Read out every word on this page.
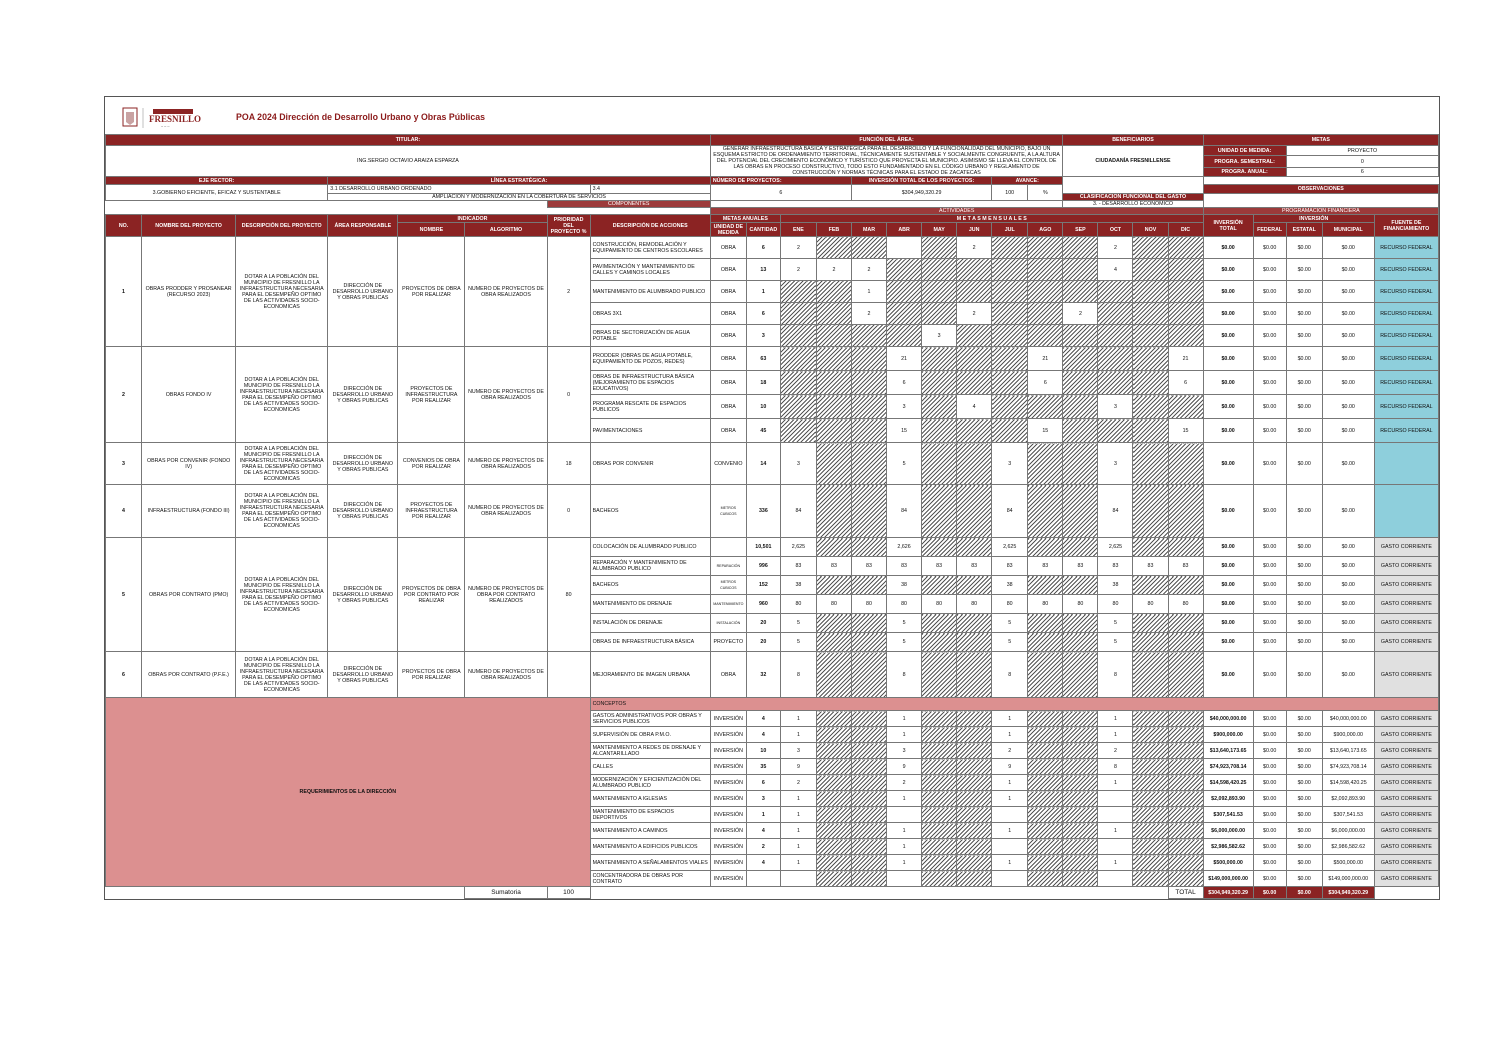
FRESNILLO
~ ~ ~
POA 2024 Dirección de Desarrollo Urbano y Obras Públicas
TITULAR:								FUNCIÓN DEL ÁREA:										BENEFICIARIOS				METAS				
ING.SERGIO OCTAVIO ARAIZA ESPARZA								GENERAR INFRAESTRUCTURA BÁSICA Y ESTRATÉGICA PARA EL DESARROLLO Y LA FUNCIONALIDAD DEL MUNICIPIO, BAJO UN ESQUEMA ESTRICTO DE ORDENAMIENTO TERRITORIAL, TÉCNICAMENTE SUSTENTABLE Y SOCIALMENTE CONGRUENTE, A LA ALTURA DEL POTENCIAL DEL CRECIMIENTO ECONÓMICO Y TURÍSTICO QUE PROYECTA EL MUNICIPIO. ASIMISMO SE LLEVA EL CONTROL DE LAS OBRAS EN PROCESO CONSTRUCTIVO, TODO ESTO FUNDAMENTADO EN EL CÓDIGO URBANO Y REGLAMENTO DE CONSTRUCCIÓN Y NORMAS TÉCNICAS PARA EL ESTADO DE ZACATECAS										CIUDADANÍA FRESNILLENSE				UNIDAD DE MEDIDA:		PROYECTO		
																						PROGRA. SEMESTRAL:		0		
																						PROGRA. ANUAL:		6		
EJE RECTOR:			LÍNEA ESTRATÉGICA:					NÚMERO DE PROYECTOS:				INVERSIÓN TOTAL DE LOS PROYECTOS:				AVANCE:										
3.GOBIERNO EFICIENTE, EFICAZ Y SUSTENTABLE			3.1 DESARROLLO URBANO ORDENADO				3.4	6				$304,949,320.29				100	%					OBSERVACIONES				
			AMPLIACIÓN Y MODERNIZACIÓN EN LA COBERTURA DE SERVICIOS															CLASIFICACIÓN FUNCIONAL DEL GASTO								
						COMPONENTES												3. - DESARROLLO ECONÓMICO								
								ACTIVIDADES														PROGRAMACIÓN FINANCIERA				
NO.	NOMBRE DEL PROYECTO	DESCRIPCIÓN DEL PROYECTO	ÁREA RESPONSABLE	INDICADOR		PRIORIDAD DEL PROYECTO %	DESCRIPCIÓN DE ACCIONES	METAS ANUALES		M E T A S M E N S U A L E S												INVERSIÓN TOTAL	INVERSIÓN			FUENTE DE FINANCIAMIENTO
				NOMBRE	ALGORITMO			UNIDAD DE MEDIDA	CANTIDAD	ENE	FEB	MAR	ABR	MAY	JUN	JUL	AGO	SEP	OCT	NOV	DIC		FEDERAL	ESTATAL	MUNICIPAL	
1	OBRAS PRODDER Y PROSANEAR (RECURSO 2023)	DOTAR A LA POBLACIÓN DEL MUNICIPIO DE FRESNILLO LA INFRAESTRUCTURA NECESARIA PARA EL DESEMPEÑO OPTIMO DE LAS ACTIVIDADES SOCIO-ECONOMICAS	DIRECCIÓN DE DESARROLLO URBANO Y OBRAS PUBLICAS	PROYECTOS DE OBRA POR REALIZAR	NUMERO DE PROYECTOS DE OBRA REALIZADOS	2	CONSTRUCCIÓN, REMODELACIÓN Y EQUIPAMIENTO DE CENTROS ESCOLARES	OBRA	6	2					2				2			$0.00	$0.00	$0.00	$0.00	RECURSO FEDERAL
							PAVIMENTACIÓN Y MANTENIMIENTO DE CALLES Y CAMINOS LOCALES	OBRA	13	2	2	2							4			$0.00	$0.00	$0.00	$0.00	RECURSO FEDERAL
							MANTENIMIENTO DE ALUMBRADO PUBLICO	OBRA	1			1										$0.00	$0.00	$0.00	$0.00	RECURSO FEDERAL
							OBRAS 3X1	OBRA	6			2			2			2				$0.00	$0.00	$0.00	$0.00	RECURSO FEDERAL
							OBRAS DE SECTORIZACIÓN DE AGUA POTABLE	OBRA	3					3								$0.00	$0.00	$0.00	$0.00	RECURSO FEDERAL
2	OBRAS FONDO IV	DOTAR A LA POBLACIÓN DEL MUNICIPIO DE FRESNILLO LA INFRAESTRUCTURA NECESARIA PARA EL DESEMPEÑO OPTIMO DE LAS ACTIVIDADES SOCIO-ECONOMICAS	DIRECCIÓN DE DESARROLLO URBANO Y OBRAS PUBLICAS	PROYECTOS DE INFRAESTRUCTURA POR REALIZAR	NUMERO DE PROYECTOS DE OBRA REALIZADOS	0	PRODDER (OBRAS DE AGUA POTABLE, EQUIPAMIENTO DE POZOS, REDES)	OBRA	63				21				21				21	$0.00	$0.00	$0.00	$0.00	RECURSO FEDERAL
							OBRAS DE INFRAESTRUCTURA BÁSICA (MEJORAMIENTO DE ESPACIOS EDUCATIVOS)	OBRA	18				6				6				6	$0.00	$0.00	$0.00	$0.00	RECURSO FEDERAL
							PROGRAMA RESCATE DE ESPACIOS PUBLICOS	OBRA	10				3		4				3			$0.00	$0.00	$0.00	$0.00	RECURSO FEDERAL
							PAVIMENTACIONES	OBRA	45				15				15				15	$0.00	$0.00	$0.00	$0.00	RECURSO FEDERAL
3	OBRAS POR CONVENIR (FONDO IV)	DOTAR A LA POBLACIÓN DEL MUNICIPIO DE FRESNILLO LA INFRAESTRUCTURA NECESARIA PARA EL DESEMPEÑO OPTIMO DE LAS ACTIVIDADES SOCIO-ECONOMICAS	DIRECCIÓN DE DESARROLLO URBANO Y OBRAS PUBLICAS	CONVENIOS DE OBRA POR REALIZAR	NUMERO DE PROYECTOS DE OBRA REALIZADOS	18	OBRAS POR CONVENIR	CONVENIO	14	3			5			3			3			$0.00	$0.00	$0.00	$0.00	
4	INFRAESTRUCTURA (FONDO III)	DOTAR A LA POBLACIÓN DEL MUNICIPIO DE FRESNILLO LA INFRAESTRUCTURA NECESARIA PARA EL DESEMPEÑO OPTIMO DE LAS ACTIVIDADES SOCIO-ECONOMICAS	DIRECCIÓN DE DESARROLLO URBANO Y OBRAS PUBLICAS	PROYECTOS DE INFRAESTRUCTURA POR REALIZAR	NUMERO DE PROYECTOS DE OBRA REALIZADOS	0	BACHEOS	METROS CUBICOS	336	84			84			84			84			$0.00	$0.00	$0.00	$0.00	
5	OBRAS POR CONTRATO (PMO)	DOTAR A LA POBLACIÓN DEL MUNICIPIO DE FRESNILLO LA INFRAESTRUCTURA NECESARIA PARA EL DESEMPEÑO OPTIMO DE LAS ACTIVIDADES SOCIO-ECONOMICAS	DIRECCIÓN DE DESARROLLO URBANO Y OBRAS PUBLICAS	PROYECTOS DE OBRA POR CONTRATO POR REALIZAR	NUMERO DE PROYECTOS DE OBRA POR CONTRATO REALIZADOS	80	COLOCACIÓN DE ALUMBRADO PUBLICO		10,501	2,625			2,626			2,625			2,625			$0.00	$0.00	$0.00	$0.00	GASTO CORRIENTE
							REPARACIÓN Y MANTENIMIENTO DE ALUMBRADO PUBLICO	REPARACIÓN	996	83	83	83	83	83	83	83	83	83	83	83	83	$0.00	$0.00	$0.00	$0.00	GASTO CORRIENTE
							BACHEOS	METROS CUBICOS	152	38			38			38			38			$0.00	$0.00	$0.00	$0.00	GASTO CORRIENTE
							MANTENIMIENTO DE DRENAJE	MANTENIMIENTO	960	80	80	80	80	80	80	80	80	80	80	80	80	$0.00	$0.00	$0.00	$0.00	GASTO CORRIENTE
							INSTALACIÓN DE DRENAJE	INSTALACIÓN	20	5			5			5			5			$0.00	$0.00	$0.00	$0.00	GASTO CORRIENTE
							OBRAS DE INFRAESTRUCTURA BÁSICA	PROYECTO	20	5			5			5			5			$0.00	$0.00	$0.00	$0.00	GASTO CORRIENTE
6	OBRAS POR CONTRATO (P.F.E.)	DOTAR A LA POBLACIÓN DEL MUNICIPIO DE FRESNILLO LA INFRAESTRUCTURA NECESARIA PARA EL DESEMPEÑO OPTIMO DE LAS ACTIVIDADES SOCIO-ECONOMICAS	DIRECCIÓN DE DESARROLLO URBANO Y OBRAS PUBLICAS	PROYECTOS DE OBRA POR REALIZAR	NUMERO DE PROYECTOS DE OBRA REALIZADOS		MEJORAMIENTO DE IMAGEN URBANA	OBRA	32	8			8			8			8			$0.00	$0.00	$0.00	$0.00	GASTO CORRIENTE
REQUERIMIENTOS DE LA DIRECCIÓN							CONCEPTOS																			
							GASTOS ADMINISTRATIVOS POR OBRAS Y SERVICIOS PUBLICOS	INVERSIÓN	4	1			1			1			1			$40,000,000.00	$0.00	$0.00	$40,000,000.00	GASTO CORRIENTE
							SUPERVISIÓN DE OBRA P.M.O.	INVERSIÓN	4	1			1			1			1			$900,000.00	$0.00	$0.00	$900,000.00	GASTO CORRIENTE
							MANTENIMIENTO A REDES DE DRENAJE Y ALCANTARILLADO	INVERSIÓN	10	3			3			2			2			$13,640,173.65	$0.00	$0.00	$13,640,173.65	GASTO CORRIENTE
							CALLES	INVERSIÓN	35	9			9			9			8			$74,923,708.14	$0.00	$0.00	$74,923,708.14	GASTO CORRIENTE
							MODERNIZACIÓN Y EFICIENTIZACIÓN DEL ALUMBRADO PUBLICO	INVERSIÓN	6	2			2			1			1			$14,598,420.25	$0.00	$0.00	$14,598,420.25	GASTO CORRIENTE
							MANTENIMIENTO A IGLESIAS	INVERSIÓN	3	1			1			1						$2,092,893.90	$0.00	$0.00	$2,092,893.90	GASTO CORRIENTE
							MANTENIMIENTO DE ESPACIOS DEPORTIVOS	INVERSIÓN	1	1												$307,541.53	$0.00	$0.00	$307,541.53	GASTO CORRIENTE
							MANTENIMIENTO A CAMINOS	INVERSIÓN	4	1			1			1			1			$6,000,000.00	$0.00	$0.00	$6,000,000.00	GASTO CORRIENTE
							MANTENIMIENTO A EDIFICIOS PUBLICOS	INVERSIÓN	2	1			1									$2,986,582.62	$0.00	$0.00	$2,986,582.62	GASTO CORRIENTE
							MANTENIMIENTO A SEÑALAMIENTOS VIALES	INVERSIÓN	4	1			1			1			1			$500,000.00	$0.00	$0.00	$500,000.00	GASTO CORRIENTE
							CONCENTRADORA DE OBRAS POR CONTRATO	INVERSIÓN														$149,000,000.00	$0.00	$0.00	$149,000,000.00	GASTO CORRIENTE
					Sumatoria	100															TOTAL	$304,949,320.29	$0.00	$0.00	$304,949,320.29	
